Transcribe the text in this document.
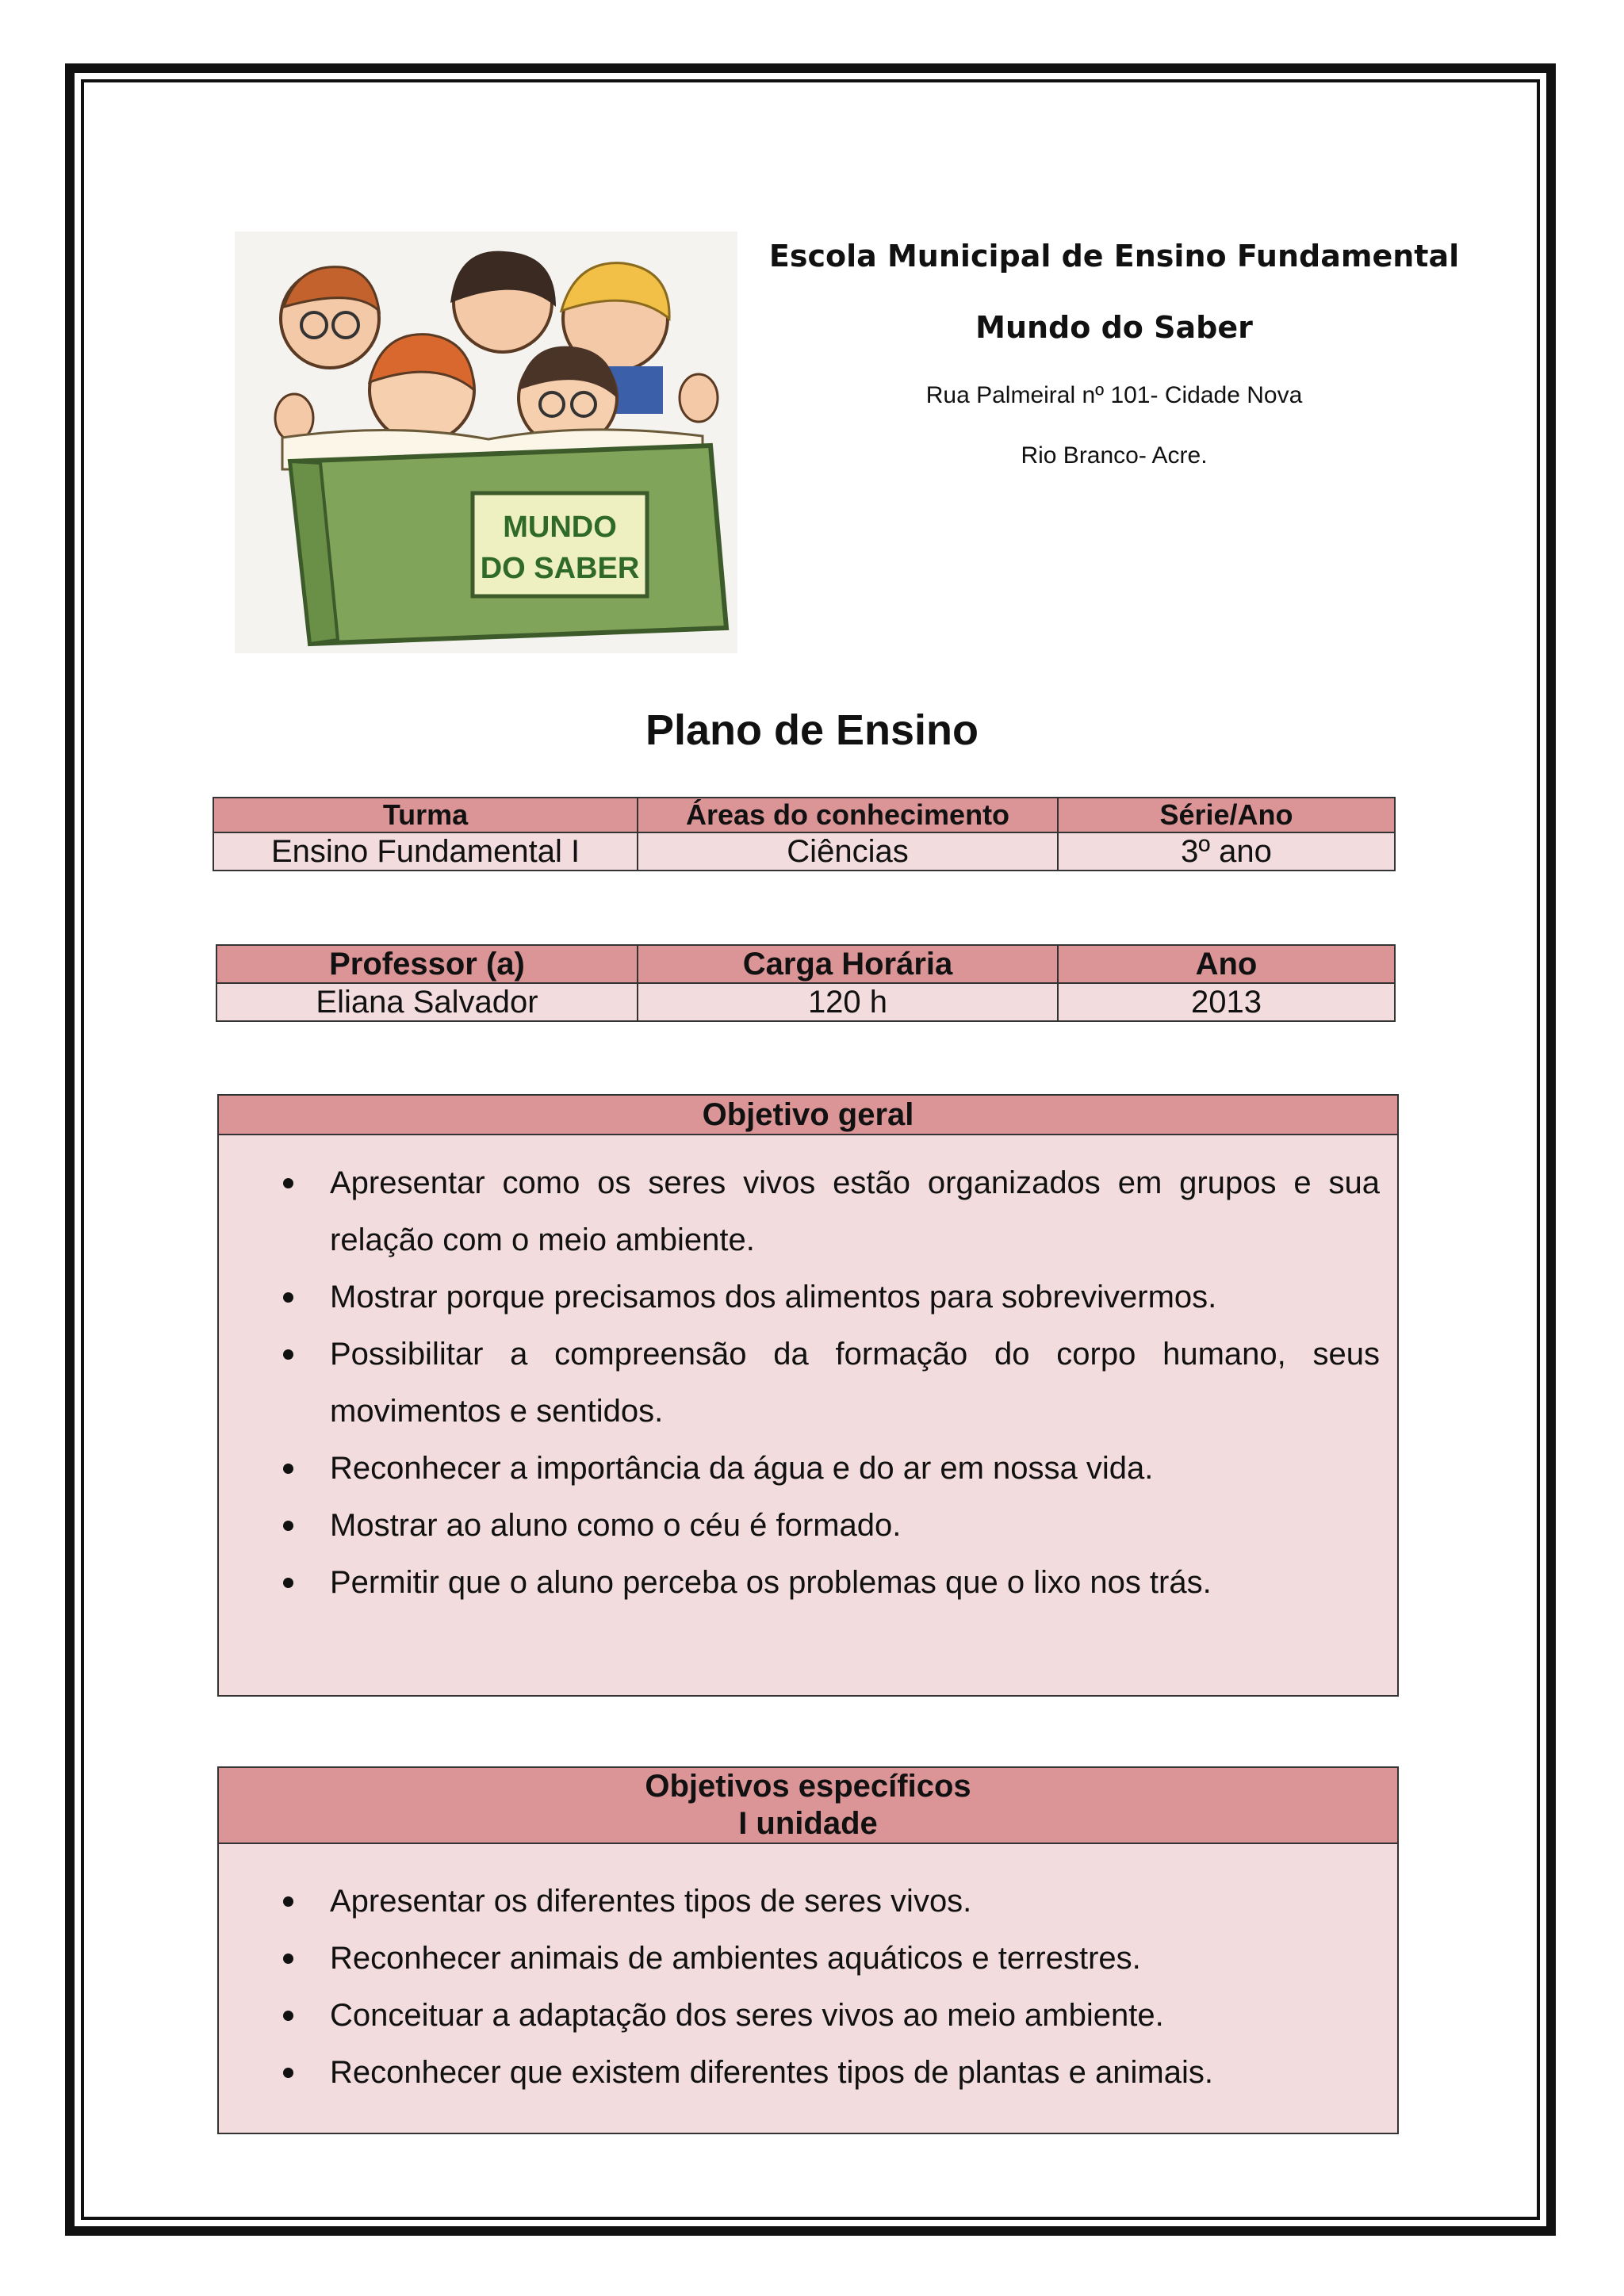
MUNDO
DO SABER

Escola Municipal de Ensino Fundamental

Mundo do Saber

Rua Palmeiral nº 101- Cidade Nova

Rio Branco- Acre.

Plano de Ensino
Turma	Áreas do conhecimento	Série/Ano
Ensino Fundamental I	Ciências	3º ano
Professor (a)	Carga Horária	Ano
Eliana Salvador	120 h	2013
Objetivo geral
Apresentar como os seres vivos estão organizados em grupos e sua relação com o meio ambiente.
Mostrar porque precisamos dos alimentos para sobrevivermos.
Possibilitar a compreensão da formação do corpo humano, seus movimentos e sentidos.
Reconhecer a importância da água e do ar em nossa vida.
Mostrar ao aluno como o céu é formado.
Permitir que o aluno perceba os problemas que o lixo nos trás.
Objetivos específicos
I unidade
Apresentar os diferentes tipos de seres vivos.
Reconhecer animais de ambientes aquáticos e terrestres.
Conceituar a adaptação dos seres vivos ao meio ambiente.
Reconhecer que existem diferentes tipos de plantas e animais.
